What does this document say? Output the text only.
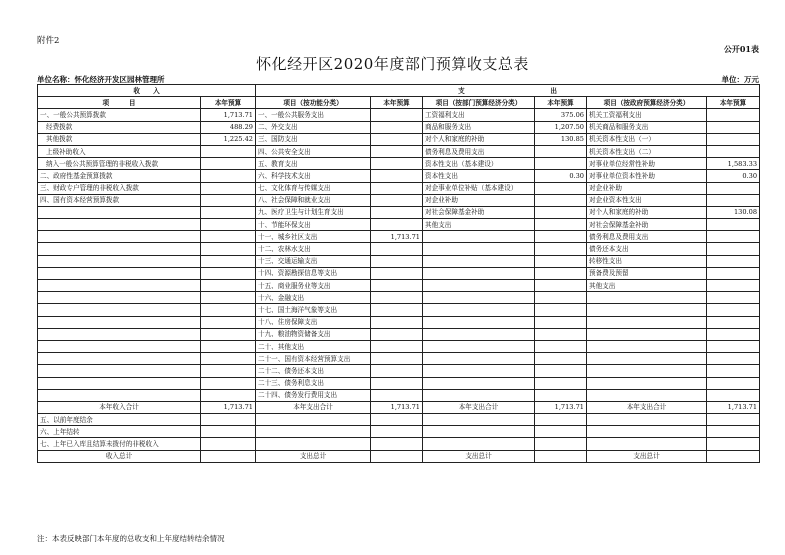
附件2
公开01表
怀化经开区2020年度部门预算收支总表
单位名称：怀化经济开发区园林管理所	单位：万元
收　　入		支　　　　　　　　　　　　　出					
项　　　目	本年预算	项目（按功能分类）	本年预算	项目（按部门预算经济分类）	本年预算	项目（按政府预算经济分类）	本年预算
一、一般公共预算拨款	1,713.71	一、一般公共服务支出		工资福利支出	375.06	机关工资福利支出	
经费拨款	488.29	二、外交支出		商品和服务支出	1,207.50	机关商品和服务支出	
其他拨款	1,225.42	三、国防支出		对个人和家庭的补助	130.85	机关资本性支出（一）	
上级补助收入		四、公共安全支出		债务利息及费用支出		机关资本性支出（二）	
纳入一般公共预算管理的非税收入拨款		五、教育支出		资本性支出（基本建设）		对事业单位经常性补助	1,583.33
二、政府性基金预算拨款		六、科学技术支出		资本性支出	0.30	对事业单位资本性补助	0.30
三、财政专户管理的非税收入拨款		七、文化体育与传媒支出		对企事业单位补贴（基本建设）		对企业补助	
四、国有资本经营预算拨款		八、社会保障和就业支出		对企业补助		对企业资本性支出	
		九、医疗卫生与计划生育支出		对社会保障基金补助		对个人和家庭的补助	130.08
		十、节能环保支出		其他支出		对社会保障基金补助	
		十一、城乡社区支出	1,713.71			债务利息及费用支出	
		十二、农林水支出				债务还本支出	
		十三、交通运输支出				转移性支出	
		十四、资源勘探信息等支出				预备费及预留	
		十五、商业服务业等支出				其他支出	
		十六、金融支出					
		十七、国土海洋气象等支出					
		十八、住房保障支出					
		十九、粮油物资储备支出					
		二十、其他支出					
		二十一、国有资本经营预算支出					
		二十二、债务还本支出					
		二十三、债务利息支出					
		二十四、债务发行费用支出					
本年收入合计	1,713.71	本年支出合计	1,713.71	本年支出合计	1,713.71	本年支出合计	1,713.71
五、以前年度结余							
六、上年结转							
七、上年已入库且结算未拨付的非税收入							
收入总计		支出总计		支出总计		支出总计	
注：本表反映部门本年度的总收支和上年度结转结余情况
